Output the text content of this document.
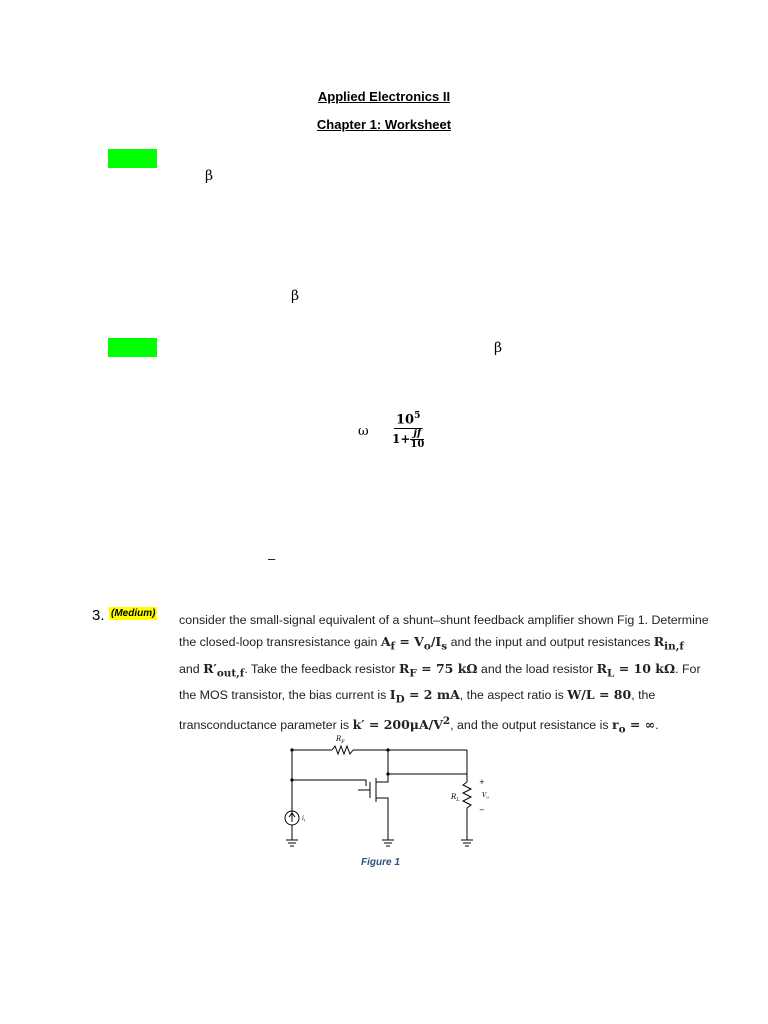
Applied Electronics II
Chapter 1: Worksheet
β
β
β
ω $\frac{10^5}{1+ \frac{jf}{10}}$
–
3. (Medium) consider the small-signal equivalent of a shunt–shunt feedback amplifier shown Fig 1. Determine
the closed-loop transresistance gain $A_f = V_o/I_s$ and the input and output resistances $R_{in,f}$
and $R'_{out,f}$. Take the feedback resistor $R_F = 75$ kΩ and the load resistor $R_L = 10$ kΩ. For
the MOS transistor, the bias current is $I_D = 2$ mA, the aspect ratio is W/L = 80, the
transconductance parameter is $k' = 200\mu A/V^2$, and the output resistance is $r_o$ = ∞.
$R_F$
$R_L$
$V_o$
+
−
$i_i$
Figure 1
